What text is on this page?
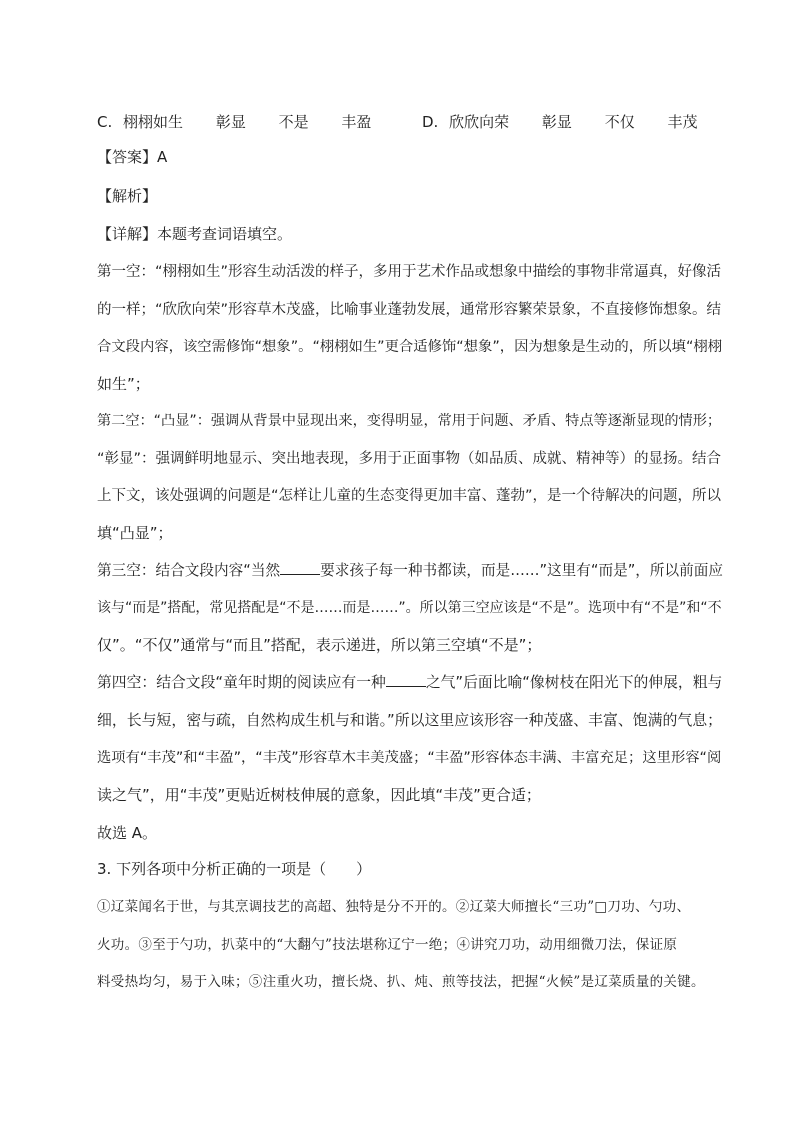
C. 栩栩如生 彰显 不是 丰盈	D. 欣欣向荣 彰显 不仅 丰茂
【答案】A
【解析】
【详解】本题考查词语填空。
第一空：“栩栩如生”形容生动活泼的样子，多用于艺术作品或想象中描绘的事物非常逼真，好像活
的一样；“欣欣向荣”形容草木茂盛，比喻事业蓬勃发展，通常形容繁荣景象，不直接修饰想象。结
合文段内容，该空需修饰“想象”。“栩栩如生”更合适修饰“想象”，因为想象是生动的，所以填“栩栩
如生”；
第二空：“凸显”：强调从背景中显现出来，变得明显，常用于问题、矛盾、特点等逐渐显现的情形；
“彰显”：强调鲜明地显示、突出地表现，多用于正面事物（如品质、成就、精神等）的显扬。结合
上下文，该处强调的问题是“怎样让儿童的生态变得更加丰富、蓬勃”，是一个待解决的问题，所以
填“凸显”；
第三空：结合文段内容“当然	要求孩子每一种书都读，而是……”这里有“而是”，所以前面应
该与“而是”搭配，常见搭配是“不是……而是……”。所以第三空应该是“不是”。选项中有“不是”和“不
仅”。“不仅”通常与“而且”搭配，表示递进，所以第三空填“不是”；
第四空：结合文段“童年时期的阅读应有一种	之气”后面比喻“像树枝在阳光下的伸展，粗与
细，长与短，密与疏，自然构成生机与和谐。”所以这里应该形容一种茂盛、丰富、饱满的气息；
选项有“丰茂”和“丰盈”，“丰茂”形容草木丰美茂盛；“丰盈”形容体态丰满、丰富充足；这里形容“阅
读之气”，用“丰茂”更贴近树枝伸展的意象，因此填“丰茂”更合适；
故选 A。
3. 下列各项中分析正确的一项是（　　）
①辽菜闻名于世，与其烹调技艺的高超、独特是分不开的。②辽菜大师擅长“三功”□刀功、勺功、
火功。③至于勺功，扒菜中的“大翻勺”技法堪称辽宁一绝；④讲究刀功，动用细微刀法，保证原
料受热均匀，易于入味；⑤注重火功，擅长烧、扒、炖、煎等技法，把握“火候”是辽菜质量的关键。
